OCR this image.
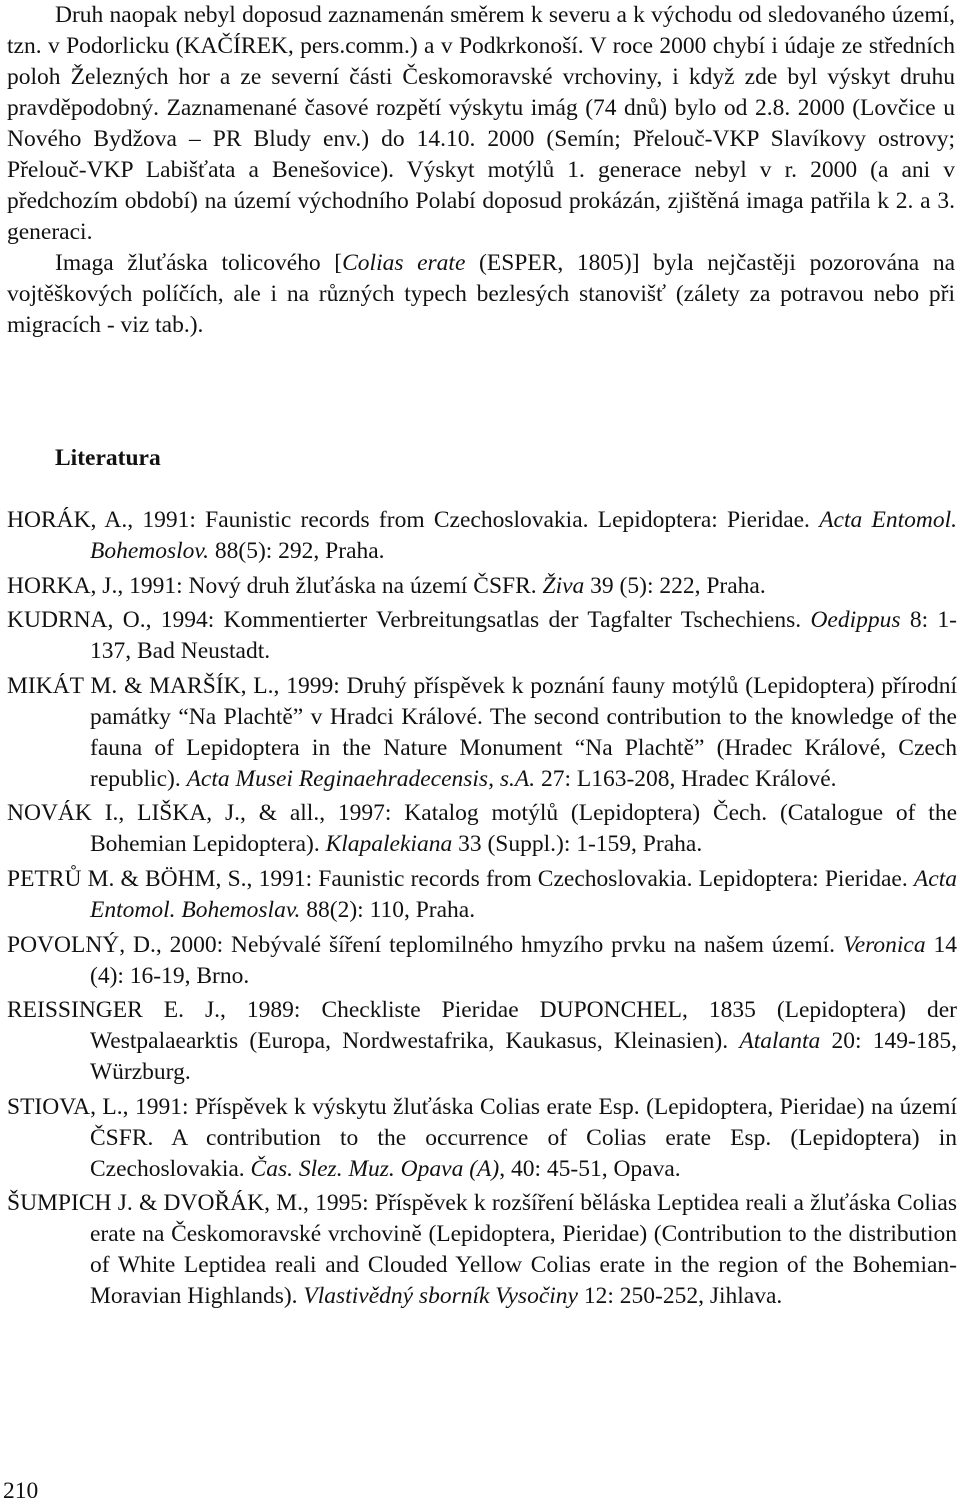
Druh naopak nebyl doposud zaznamenán směrem k severu a k východu od sledovaného území, tzn. v Podorlicku (KAČÍREK, pers.comm.) a v Podkrkonoší. V roce 2000 chybí i údaje ze středních poloh Železných hor a ze severní části Českomoravské vrchoviny, i když zde byl výskyt druhu pravděpodobný. Zaznamenané časové rozpětí výskytu imág (74 dnů) bylo od 2.8. 2000 (Lovčice u Nového Bydžova – PR Bludy env.) do 14.10. 2000 (Semín; Přelouč-VKP Slavíkovy ostrovy; Přelouč-VKP Labišťata a Benešovice). Výskyt motýlů 1. generace nebyl v r. 2000 (a ani v předchozím období) na území východního Polabí doposud prokázán, zjištěná imaga patřila k 2. a 3. generaci.

Imaga žluťáska tolicového [Colias erate (ESPER, 1805)] byla nejčastěji pozorována na vojtěškových políčích, ale i na různých typech bezlesých stanovišť (zálety za potravou nebo při migracích - viz tab.).

Literatura
HORÁK, A., 1991: Faunistic records from Czechoslovakia. Lepidoptera: Pieridae. Acta Entomol. Bohemoslov. 88(5): 292, Praha.
HORKA, J., 1991: Nový druh žluťáska na území ČSFR. Živa 39 (5): 222, Praha.
KUDRNA, O., 1994: Kommentierter Verbreitungsatlas der Tagfalter Tschechiens. Oedippus 8: 1-137, Bad Neustadt.
MIKÁT M. & MARŠÍK, L., 1999: Druhý příspěvek k poznání fauny motýlů (Lepidoptera) přírodní památky “Na Plachtě” v Hradci Králové. The second contribution to the knowledge of the fauna of Lepidoptera in the Nature Monument “Na Plachtě” (Hradec Králové, Czech republic). Acta Musei Reginaehradecensis, s.A. 27: L163-208, Hradec Králové.
NOVÁK I., LIŠKA, J., & all., 1997: Katalog motýlů (Lepidoptera) Čech. (Catalogue of the Bohemian Lepidoptera). Klapalekiana 33 (Suppl.): 1-159, Praha.
PETRŮ M. & BÖHM, S., 1991: Faunistic records from Czechoslovakia. Lepidoptera: Pieridae. Acta Entomol. Bohemoslav. 88(2): 110, Praha.
POVOLNÝ, D., 2000: Nebývalé šíření teplomilného hmyzího prvku na našem území. Veronica 14 (4): 16-19, Brno.
REISSINGER E. J., 1989: Checkliste Pieridae DUPONCHEL, 1835 (Lepidoptera) der Westpalaearktis (Europa, Nordwestafrika, Kaukasus, Kleinasien). Atalanta 20: 149-185, Würzburg.
STIOVA, L., 1991: Příspěvek k výskytu žluťáska Colias erate Esp. (Lepidoptera, Pieridae) na území ČSFR. A contribution to the occurrence of Colias erate Esp. (Lepidoptera) in Czechoslovakia. Čas. Slez. Muz. Opava (A), 40: 45-51, Opava.
ŠUMPICH J. & DVOŘÁK, M., 1995: Příspěvek k rozšíření běláska Leptidea reali a žluťáska Colias erate na Českomoravské vrchovině (Lepidoptera, Pieridae) (Contribution to the distribution of White Leptidea reali and Clouded Yellow Colias erate in the region of the Bohemian-Moravian Highlands). Vlastivědný sborník Vysočiny 12: 250-252, Jihlava.

210
